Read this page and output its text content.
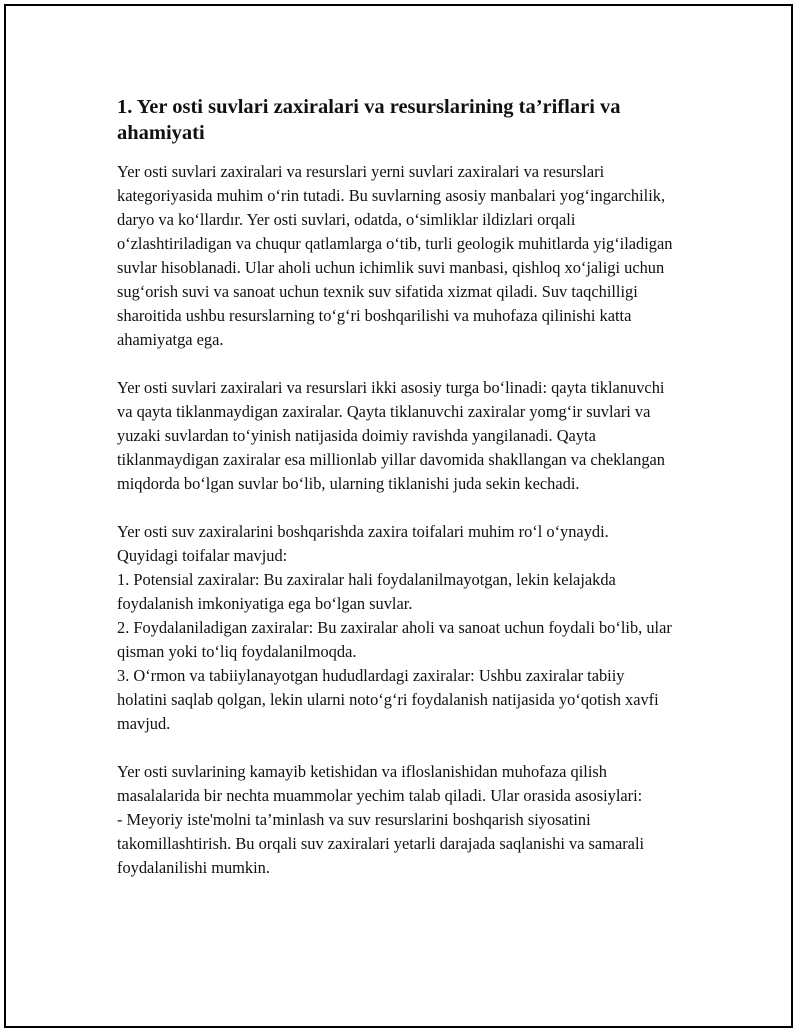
1. Yer osti suvlari zaxiralari va resurslarining ta’riflari va ahamiyati

Yer osti suvlari zaxiralari va resurslari yerni suvlari zaxiralari va resurslari kategoriyasida muhim o‘rin tutadi. Bu suvlarning asosiy manbalari yog‘ingarchilik, daryo va ko‘llardır. Yer osti suvlari, odatda, o‘simliklar ildizlari orqali o‘zlashtiriladigan va chuqur qatlamlarga o‘tib, turli geologik muhitlarda yig‘iladigan suvlar hisoblanadi. Ular aholi uchun ichimlik suvi manbasi, qishloq xo‘jaligi uchun sug‘orish suvi va sanoat uchun texnik suv sifatida xizmat qiladi. Suv taqchilligi sharoitida ushbu resurslarning to‘g‘ri boshqarilishi va muhofaza qilinishi katta ahamiyatga ega.

Yer osti suvlari zaxiralari va resurslari ikki asosiy turga bo‘linadi: qayta tiklanuvchi va qayta tiklanmaydigan zaxiralar. Qayta tiklanuvchi zaxiralar yomg‘ir suvlari va yuzaki suvlardan to‘yinish natijasida doimiy ravishda yangilanadi. Qayta tiklanmaydigan zaxiralar esa millionlab yillar davomida shakllangan va cheklangan miqdorda bo‘lgan suvlar bo‘lib, ularning tiklanishi juda sekin kechadi.

Yer osti suv zaxiralarini boshqarishda zaxira toifalari muhim ro‘l o‘ynaydi.
Quyidagi toifalar mavjud:
1. Potensial zaxiralar: Bu zaxiralar hali foydalanilmayotgan, lekin kelajakda foydalanish imkoniyatiga ega bo‘lgan suvlar.
2. Foydalaniladigan zaxiralar: Bu zaxiralar aholi va sanoat uchun foydali bo‘lib, ular qisman yoki to‘liq foydalanilmoqda.
3. O‘rmon va tabiiylanayotgan hududlardagi zaxiralar: Ushbu zaxiralar tabiiy holatini saqlab qolgan, lekin ularni noto‘g‘ri foydalanish natijasida yo‘qotish xavfi mavjud.

Yer osti suvlarining kamayib ketishidan va ifloslanishidan muhofaza qilish masalalarida bir nechta muammolar yechim talab qiladi. Ular orasida asosiylari:
- Meyoriy iste'molni ta’minlash va suv resurslarini boshqarish siyosatini takomillashtirish. Bu orqali suv zaxiralari yetarli darajada saqlanishi va samarali foydalanilishi mumkin.
